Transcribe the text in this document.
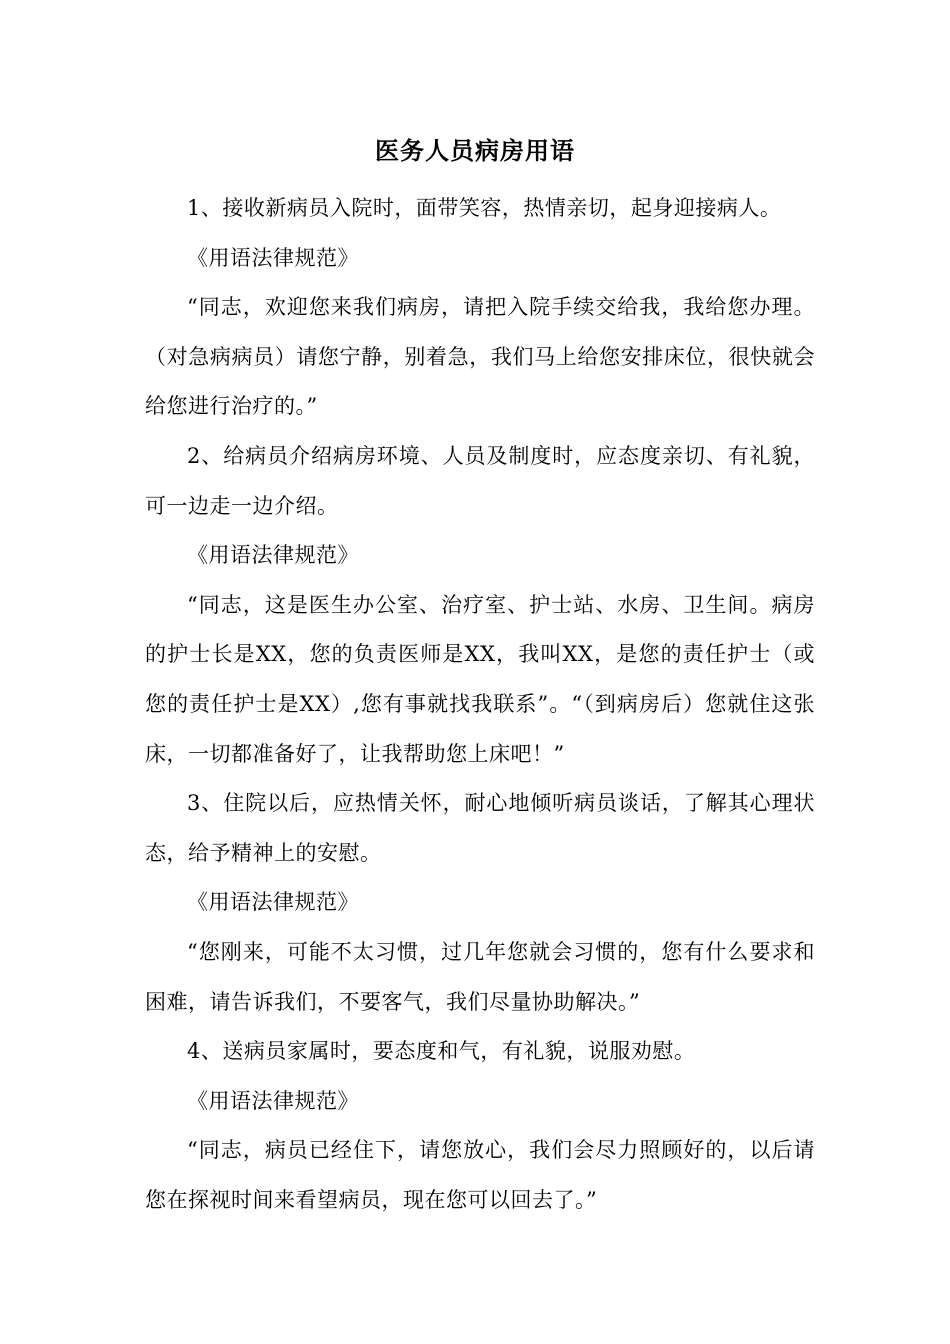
医务人员病房用语

1、接收新病员入院时，面带笑容，热情亲切，起身迎接病人。

《用语法律规范》

“同志，欢迎您来我们病房，请把入院手续交给我，我给您办理。（对急病病员）请您宁静，别着急，我们马上给您安排床位，很快就会给您进行治疗的。”

2、给病员介绍病房环境、人员及制度时，应态度亲切、有礼貌，可一边走一边介绍。

《用语法律规范》

“同志，这是医生办公室、治疗室、护士站、水房、卫生间。病房的护士长是XX，您的负责医师是XX，我叫XX，是您的责任护士（或您的责任护士是XX）,您有事就找我联系”。“（到病房后）您就住这张床，一切都准备好了，让我帮助您上床吧！”

3、住院以后，应热情关怀，耐心地倾听病员谈话，了解其心理状态，给予精神上的安慰。

《用语法律规范》

“您刚来，可能不太习惯，过几年您就会习惯的，您有什么要求和困难，请告诉我们，不要客气，我们尽量协助解决。”

4、送病员家属时，要态度和气，有礼貌，说服劝慰。

《用语法律规范》

“同志，病员已经住下，请您放心，我们会尽力照顾好的，以后请您在探视时间来看望病员，现在您可以回去了。”
